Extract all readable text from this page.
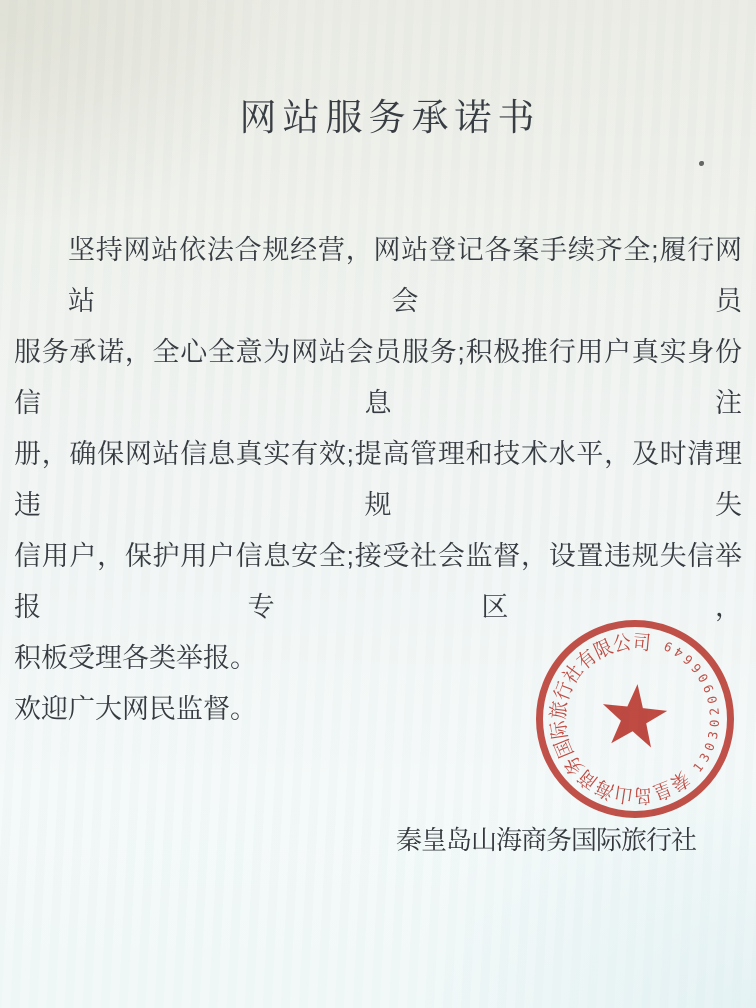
网站服务承诺书
坚持网站依法合规经营，网站登记各案手续齐全;履行网站会员
服务承诺，全心全意为网站会员服务;积极推行用户真实身份信息注
册，确保网站信息真实有效;提高管理和技术水平，及时清理违规失
信用户，保护用户信息安全;接受社会监督，设置违规失信举报专区，
积板受理各类举报。
欢迎广大网民监督。
秦皇岛山海商务国际旅行社有限公司
1303020906649
秦皇岛山海商务国际旅行社
